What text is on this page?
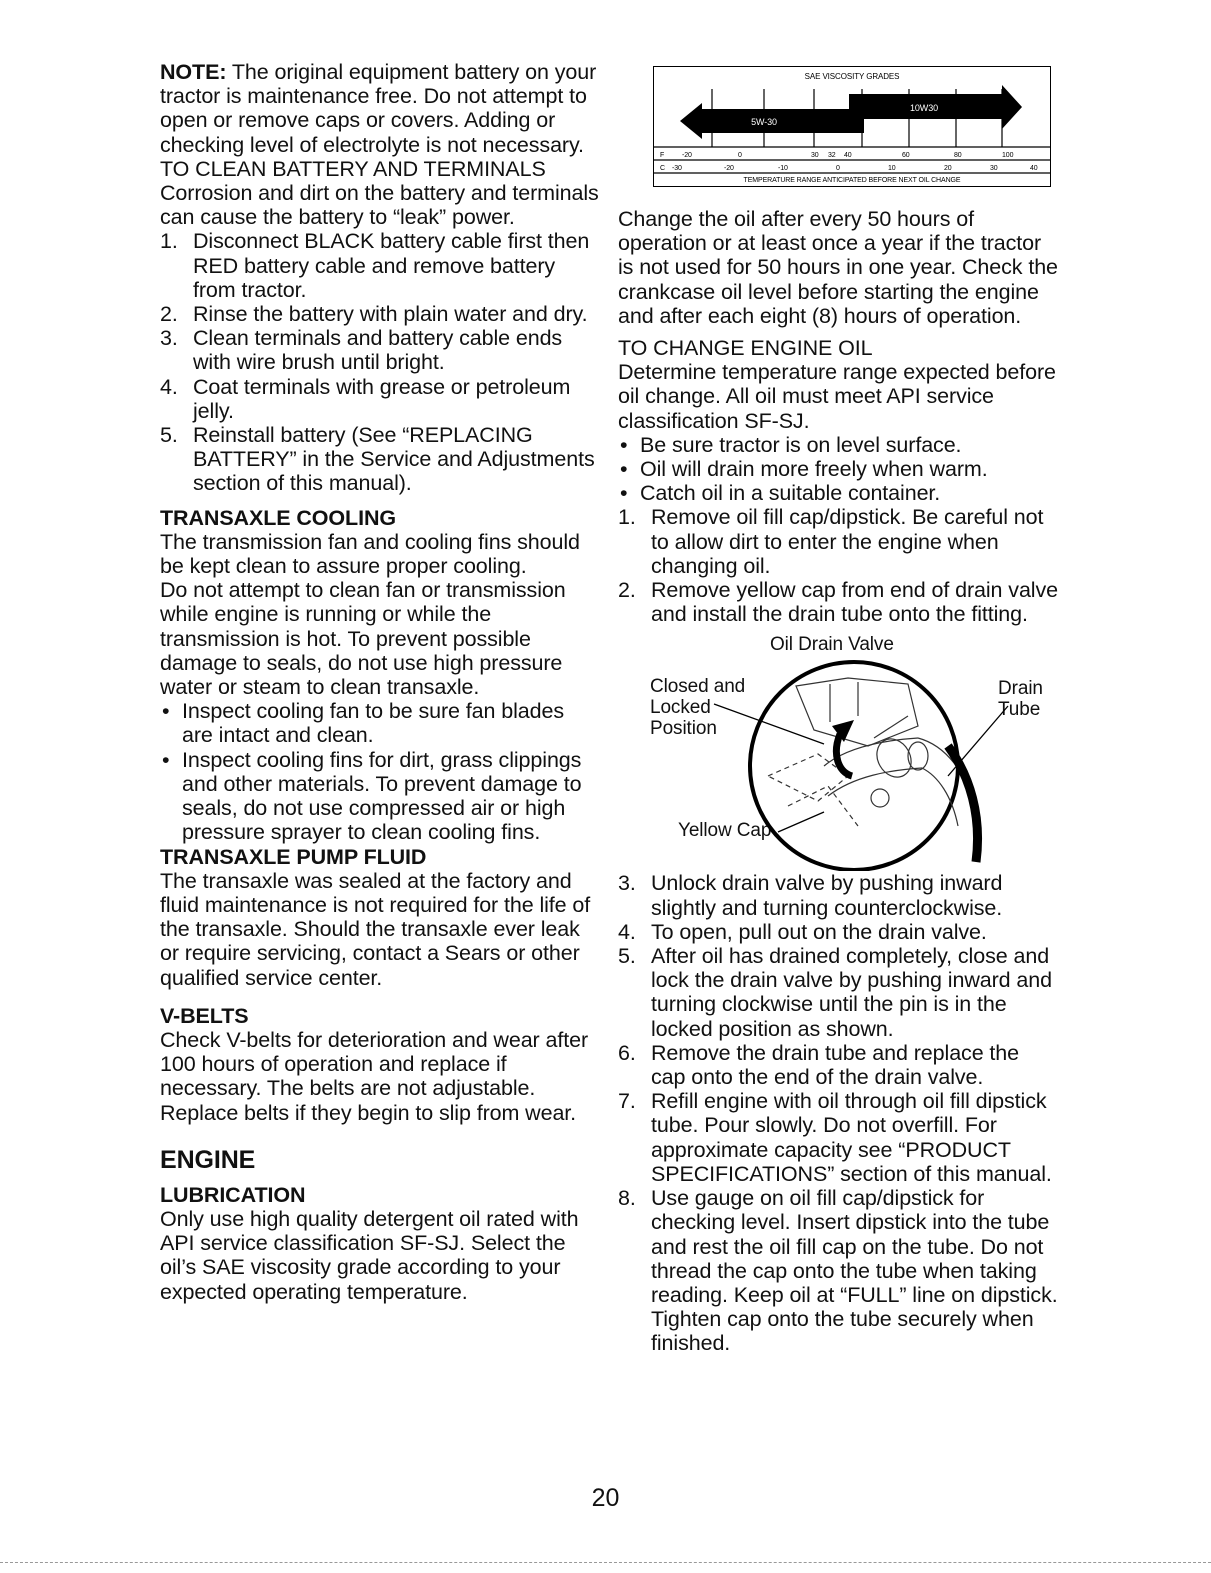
NOTE: The original equipment battery on your tractor is maintenance free. Do not attempt to open or remove caps or covers. Adding or checking level of electrolyte is not necessary.

TO CLEAN BATTERY AND TERMINALS

Corrosion and dirt on the battery and terminals can cause the battery to “leak” power.

1. Disconnect BLACK battery cable first then RED battery cable and remove battery from tractor.
2. Rinse the battery with plain water and dry.
3. Clean terminals and battery cable ends with wire brush until bright.
4. Coat terminals with grease or petroleum jelly.
5. Reinstall battery (See “REPLACING BATTERY” in the Service and Adjustments section of this manual).

TRANSAXLE COOLING

The transmission fan and cooling fins should be kept clean to assure proper cooling.

Do not attempt to clean fan or transmission while engine is running or while the transmission is hot. To prevent possible damage to seals, do not use high pressure water or steam to clean transaxle.

• Inspect cooling fan to be sure fan blades are intact and clean.
• Inspect cooling fins for dirt, grass clippings and other materials. To prevent damage to seals, do not use compressed air or high pressure sprayer to clean cooling fins.

TRANSAXLE PUMP FLUID

The transaxle was sealed at the factory and fluid maintenance is not required for the life of the transaxle. Should the transaxle ever leak or require servicing, contact a Sears or other qualified service center.

V-BELTS

Check V-belts for deterioration and wear after 100 hours of operation and replace if necessary. The belts are not adjustable. Replace belts if they begin to slip from wear.

ENGINE

LUBRICATION

Only use high quality detergent oil rated with API service classification SF-SJ. Select the oil’s SAE viscosity grade according to your expected operating temperature.

SAE VISCOSITY GRADES
10W30
5W-30
F	-20	0	30 32 40	60	80	100
C -30	-20	-10	0	10	20	30	40
TEMPERATURE RANGE ANTICIPATED BEFORE NEXT OIL CHANGE

Change the oil after every 50 hours of operation or at least once a year if the tractor is not used for 50 hours in one year. Check the crankcase oil level before starting the engine and after each eight (8) hours of operation.

TO CHANGE ENGINE OIL

Determine temperature range expected before oil change. All oil must meet API service classification SF-SJ.

• Be sure tractor is on level surface.
• Oil will drain more freely when warm.
• Catch oil in a suitable container.
1. Remove oil fill cap/dipstick. Be careful not to allow dirt to enter the engine when changing oil.
2. Remove yellow cap from end of drain valve and install the drain tube onto the fitting.
Oil Drain Valve
Closed and Locked Position
Drain Tube
Yellow Cap
3. Unlock drain valve by pushing inward slightly and turning counterclockwise.
4. To open, pull out on the drain valve.
5. After oil has drained completely, close and lock the drain valve by pushing inward and turning clockwise until the pin is in the locked position as shown.
6. Remove the drain tube and replace the cap onto the end of the drain valve.
7. Refill engine with oil through oil fill dipstick tube. Pour slowly. Do not overfill. For approximate capacity see “PRODUCT SPECIFICATIONS” section of this manual.
8. Use gauge on oil fill cap/dipstick for checking level. Insert dipstick into the tube and rest the oil fill cap on the tube. Do not thread the cap onto the tube when taking reading. Keep oil at “FULL” line on dipstick. Tighten cap onto the tube securely when finished.
20
